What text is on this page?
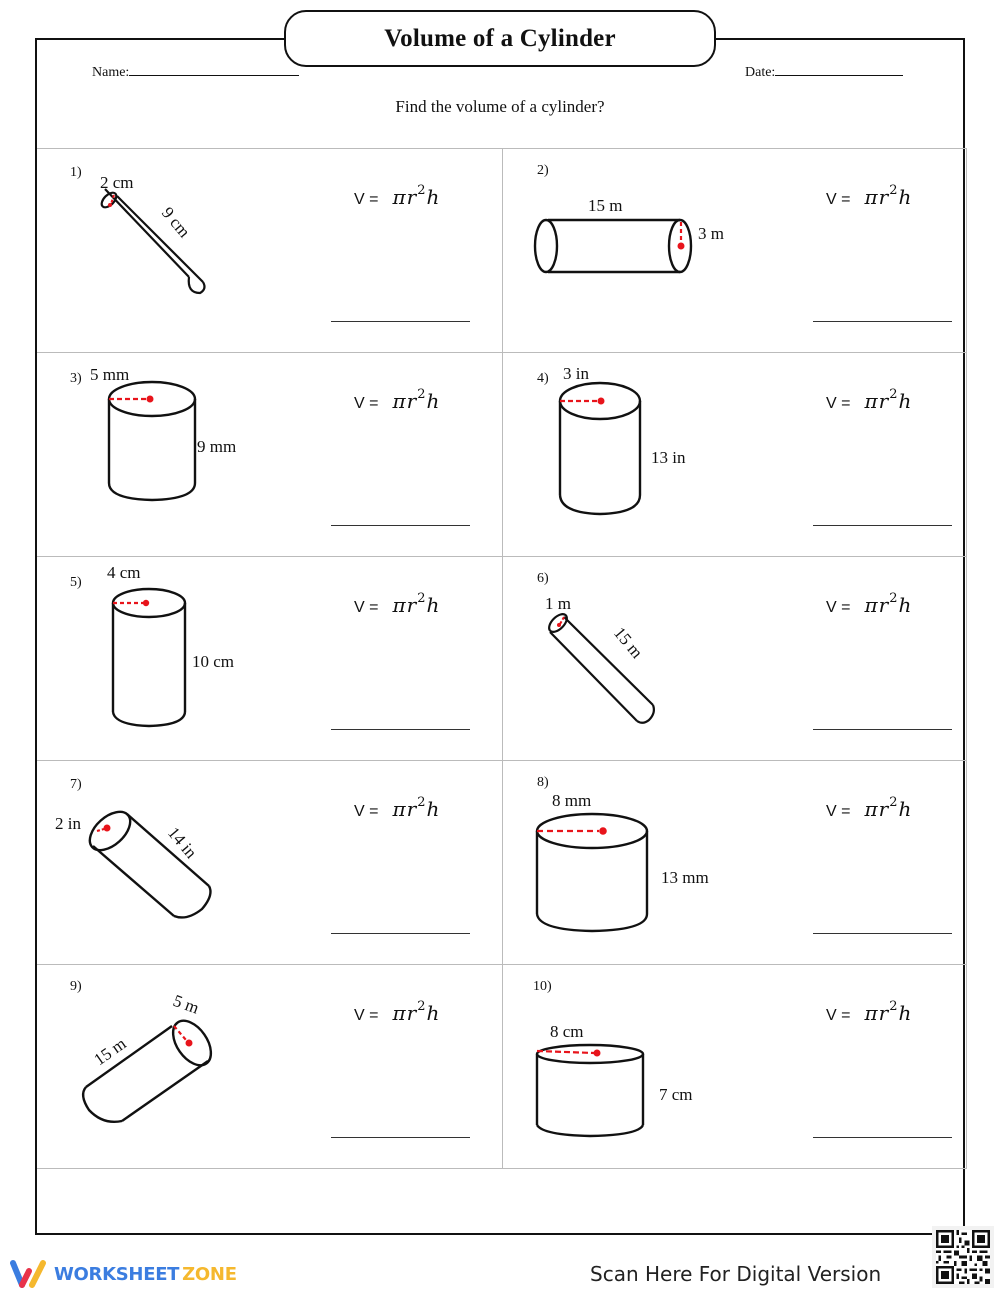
Volume of a Cylinder
Name:	Date:
Find the volume of a cylinder?
1)
2 cm
9 cm
$V = \pi r^2h$
2)
15 m
3 m
$V = \pi r^2h$
3) 5 mm
9 mm
$V = \pi r^2h$
4) 3 in
13 in
$V = \pi r^2h$
5)
4 cm
10 cm
$V = \pi r^2h$
6)
1 m
15 m
$V = \pi r^2h$
7)
2 in	14 in
$V = \pi r^2h$
8)
8 mm
13 mm
$V = \pi r^2h$
9)
5 m
15 m
$V = \pi r^2h$
10)
8 cm
7 cm
$V = \pi r^2h$
WORKSHEET ZONE	Scan Here For Digital Version
